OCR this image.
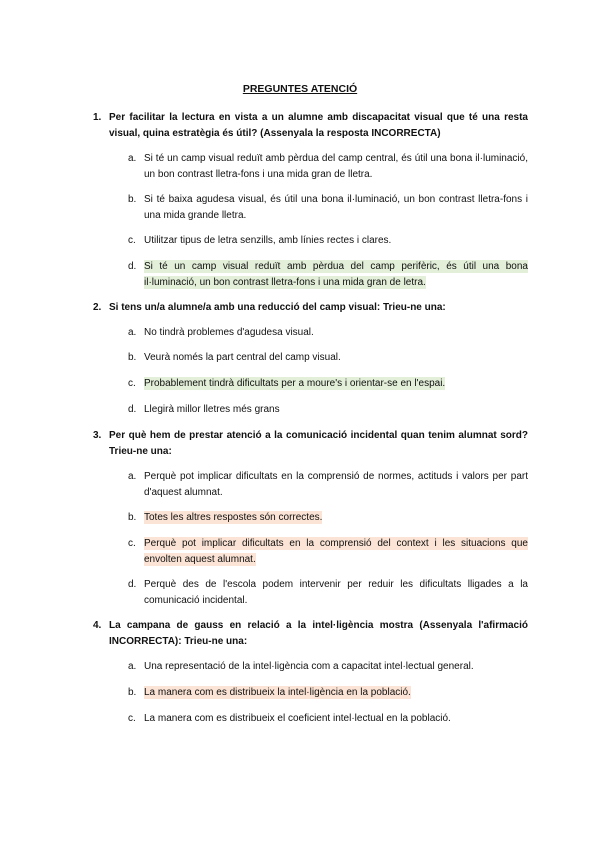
PREGUNTES ATENCIÓ
1. Per facilitar la lectura en vista a un alumne amb discapacitat visual que té una resta visual, quina estratègia és útil? (Assenyala la resposta INCORRECTA)
a. Si té un camp visual reduït amb pèrdua del camp central, és útil una bona il·luminació, un bon contrast lletra-fons i una mida gran de lletra.
b. Si té baixa agudesa visual, és útil una bona il·luminació, un bon contrast lletra-fons i una mida grande lletra.
c. Utilitzar tipus de letra senzills, amb línies rectes i clares.
d. Si té un camp visual reduït amb pèrdua del camp perifèric, és útil una bona il·luminació, un bon contrast lletra-fons i una mida gran de letra.
2. Si tens un/a alumne/a amb una reducció del camp visual: Trieu-ne una:
a. No tindrà problemes d'agudesa visual.
b. Veurà només la part central del camp visual.
c. Probablement tindrà dificultats per a moure's i orientar-se en l'espai.
d. Llegirà millor lletres més grans
3. Per què hem de prestar atenció a la comunicació incidental quan tenim alumnat sord? Trieu-ne una:
a. Perquè pot implicar dificultats en la comprensió de normes, actituds i valors per part d'aquest alumnat.
b. Totes les altres respostes són correctes.
c. Perquè pot implicar dificultats en la comprensió del context i les situacions que envolten aquest alumnat.
d. Perquè des de l'escola podem intervenir per reduir les dificultats lligades a la comunicació incidental.
4. La campana de gauss en relació a la intel·ligència mostra (Assenyala l'afirmació INCORRECTA): Trieu-ne una:
a. Una representació de la intel·ligència com a capacitat intel·lectual general.
b. La manera com es distribueix la intel·ligència en la població.
c. La manera com es distribueix el coeficient intel·lectual en la població.
